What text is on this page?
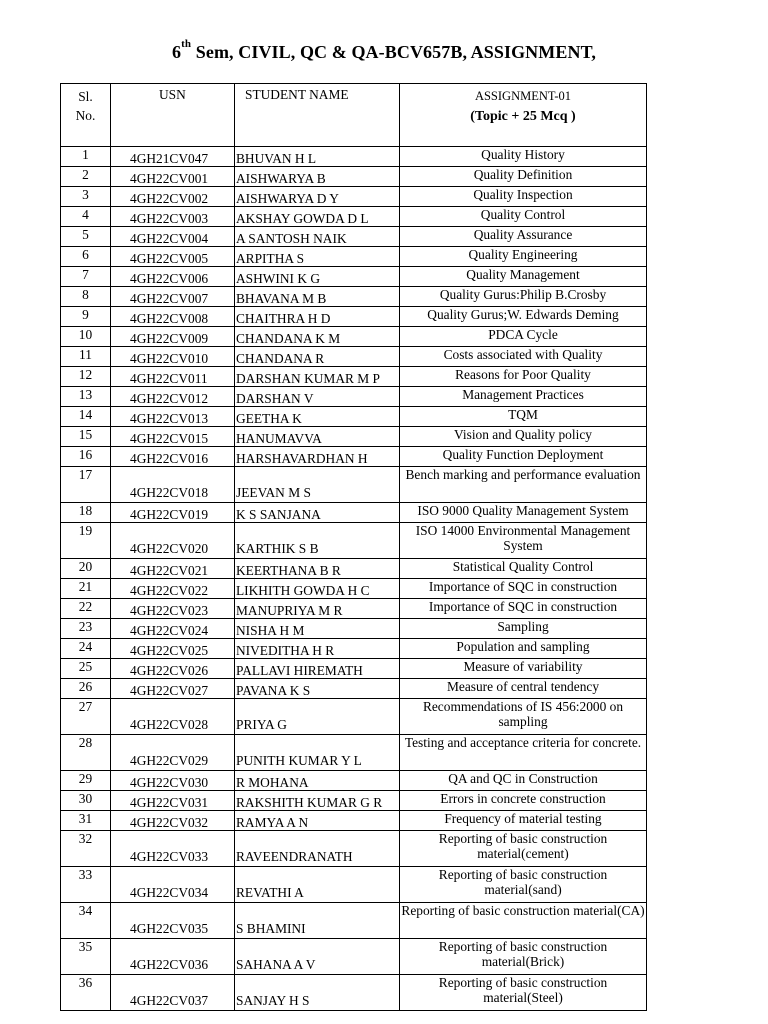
6th Sem, CIVIL, QC & QA-BCV657B, ASSIGNMENT,
Sl. No.	USN	STUDENT NAME	ASSIGNMENT-01
(Topic + 25 Mcq )

1	4GH21CV047	BHUVAN H L	Quality History
2	4GH22CV001	AISHWARYA B	Quality Definition
3	4GH22CV002	AISHWARYA D Y	Quality Inspection
4	4GH22CV003	AKSHAY GOWDA D L	Quality Control
5	4GH22CV004	A SANTOSH NAIK	Quality Assurance
6	4GH22CV005	ARPITHA S	Quality Engineering
7	4GH22CV006	ASHWINI K G	Quality Management
8	4GH22CV007	BHAVANA M B	Quality Gurus:Philip B.Crosby
9	4GH22CV008	CHAITHRA H D	Quality Gurus;W. Edwards Deming
10	4GH22CV009	CHANDANA K M	PDCA Cycle
11	4GH22CV010	CHANDANA R	Costs associated with Quality
12	4GH22CV011	DARSHAN KUMAR M P	Reasons for Poor Quality
13	4GH22CV012	DARSHAN V	Management Practices
14	4GH22CV013	GEETHA K	TQM
15	4GH22CV015	HANUMAVVA	Vision and Quality policy
16	4GH22CV016	HARSHAVARDHAN H	Quality Function Deployment
17	4GH22CV018	JEEVAN M S	Bench marking and performance evaluation
18	4GH22CV019	K S SANJANA	ISO 9000 Quality Management System
19	4GH22CV020	KARTHIK S B	ISO 14000 Environmental Management System
20	4GH22CV021	KEERTHANA B R	Statistical Quality Control
21	4GH22CV022	LIKHITH GOWDA H C	Importance of SQC in construction
22	4GH22CV023	MANUPRIYA M R	Importance of SQC in construction
23	4GH22CV024	NISHA H M	Sampling
24	4GH22CV025	NIVEDITHA H R	Population and sampling
25	4GH22CV026	PALLAVI HIREMATH	Measure of variability
26	4GH22CV027	PAVANA K S	Measure of central tendency
27	4GH22CV028	PRIYA G	Recommendations of IS 456:2000 on sampling
28	4GH22CV029	PUNITH KUMAR Y L	Testing and acceptance criteria for concrete.
29	4GH22CV030	R MOHANA	QA and QC in Construction
30	4GH22CV031	RAKSHITH KUMAR G R	Errors in concrete construction
31	4GH22CV032	RAMYA A N	Frequency of material testing
32	4GH22CV033	RAVEENDRANATH	Reporting of basic construction material(cement)
33	4GH22CV034	REVATHI A	Reporting of basic construction material(sand)
34	4GH22CV035	S BHAMINI	Reporting of basic construction material(CA)
35	4GH22CV036	SAHANA A V	Reporting of basic construction material(Brick)
36	4GH22CV037	SANJAY H S	Reporting of basic construction material(Steel)
